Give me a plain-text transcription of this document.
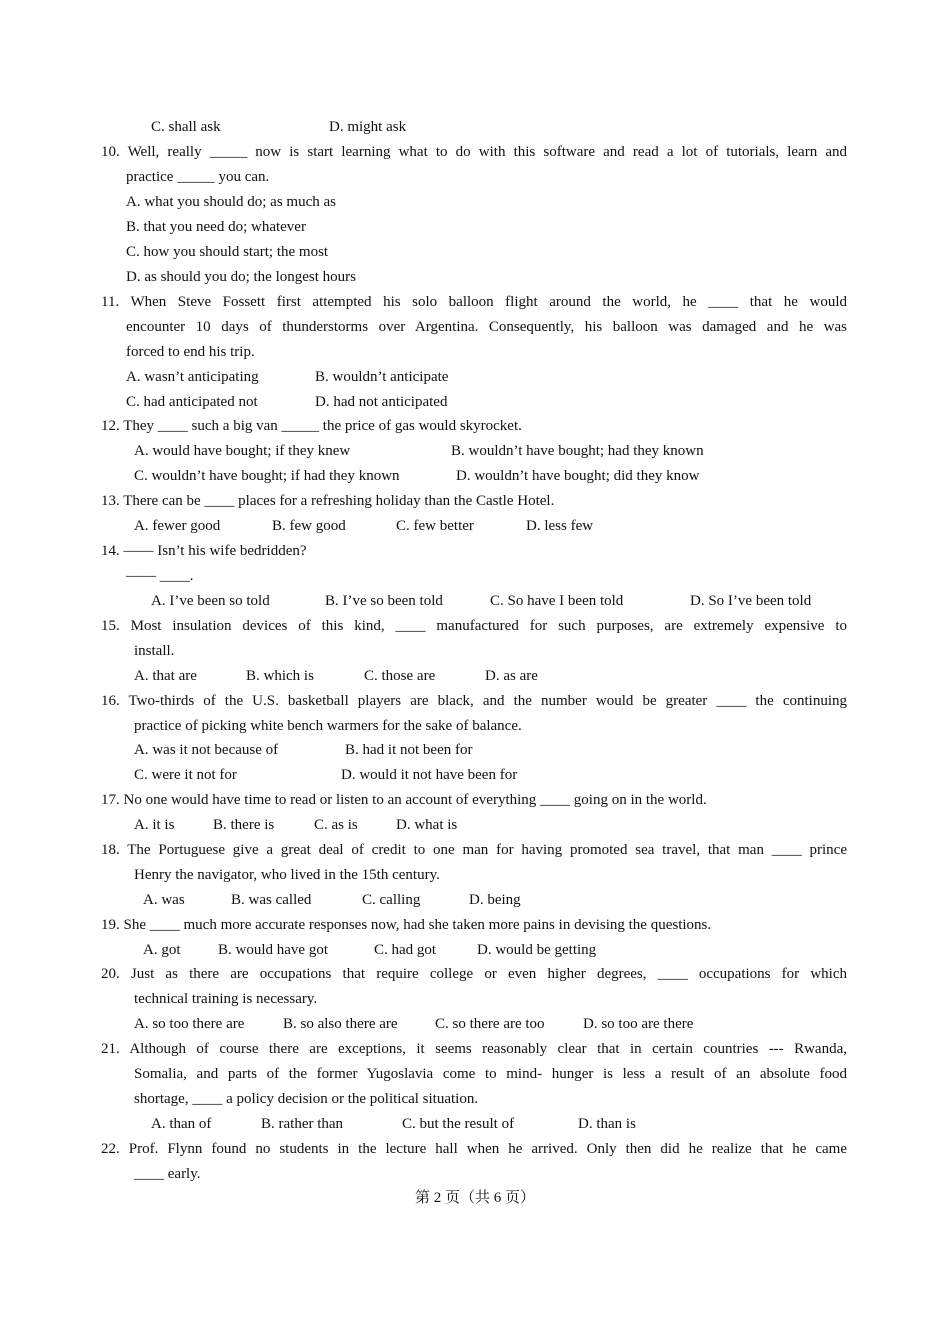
C. shall ask	D. might ask
10. Well, really _____ now is start learning what to do with this software and read a lot of tutorials, learn and
practice _____ you can.
A. what you should do; as much as
B. that you need do; whatever
C. how you should start; the most
D. as should you do; the longest hours
11. When Steve Fossett first attempted his solo balloon flight around the world, he ____ that he would
encounter 10 days of thunderstorms over Argentina. Consequently, his balloon was damaged and he was
forced to end his trip.
A. wasn’t anticipating	B. wouldn’t anticipate
C. had anticipated not	D. had not anticipated
12. They ____ such a big van _____ the price of gas would skyrocket.
A. would have bought; if they knew	B. wouldn’t have bought; had they known
C. wouldn’t have bought; if had they known	D. wouldn’t have bought; did they know
13. There can be ____ places for a refreshing holiday than the Castle Hotel.
A. fewer good	B. few good	C. few better	D. less few
14. —— Isn’t his wife bedridden?
—— ____.
A. I’ve been so told	B. I’ve so been told	C. So have I been told	D. So I’ve been told
15. Most insulation devices of this kind, ____ manufactured for such purposes, are extremely expensive to
install.
A. that are	B. which is	C. those are	D. as are
16. Two-thirds of the U.S. basketball players are black, and the number would be greater ____ the continuing
practice of picking white bench warmers for the sake of balance.
A. was it not because of	B. had it not been for
C. were it not for	D. would it not have been for
17. No one would have time to read or listen to an account of everything ____ going on in the world.
A. it is	B. there is	C. as is	D. what is
18. The Portuguese give a great deal of credit to one man for having promoted sea travel, that man ____ prince
Henry the navigator, who lived in the 15th century.
A. was	B. was called	C. calling	D. being
19. She ____ much more accurate responses now, had she taken more pains in devising the questions.
A. got	B. would have got	C. had got	D. would be getting
20. Just as there are occupations that require college or even higher degrees, ____ occupations for which
technical training is necessary.
A. so too there are	B. so also there are C. so there are too	D. so too are there
21. Although of course there are exceptions, it seems reasonably clear that in certain countries --- Rwanda,
Somalia, and parts of the former Yugoslavia come to mind- hunger is less a result of an absolute food
shortage, ____ a policy decision or the political situation.
A. than of	B. rather than	C. but the result of	D. than is
22. Prof. Flynn found no students in the lecture hall when he arrived. Only then did he realize that he came
____ early.
第 2 页（共 6 页）
